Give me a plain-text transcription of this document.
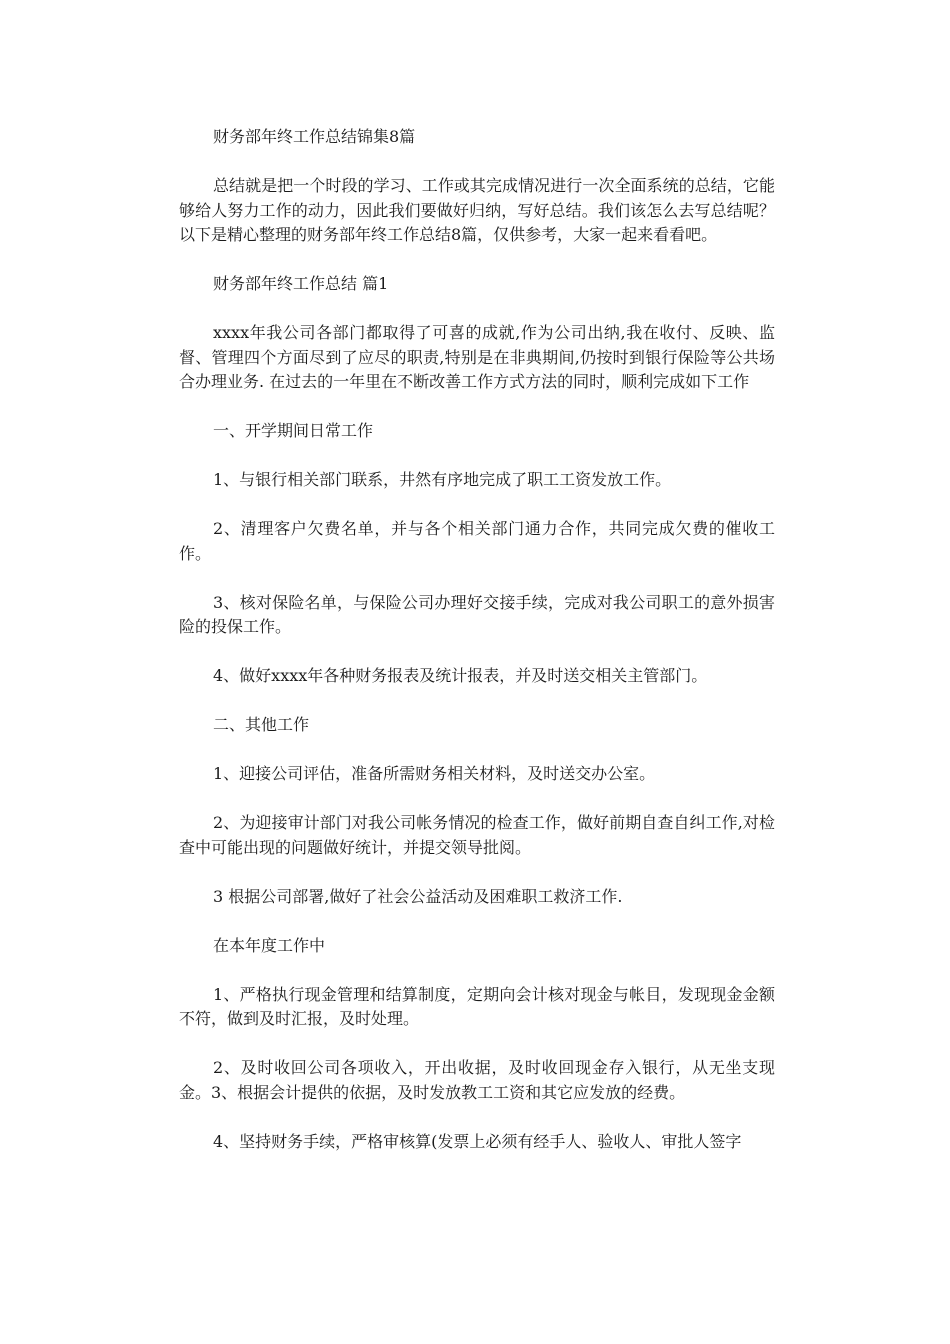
财务部年终工作总结锦集8篇

总结就是把一个时段的学习、工作或其完成情况进行一次全面系统的总结，它能够给人努力工作的动力，因此我们要做好归纳，写好总结。我们该怎么去写总结呢？以下是精心整理的财务部年终工作总结8篇，仅供参考，大家一起来看看吧。

财务部年终工作总结 篇1

xxxx年我公司各部门都取得了可喜的成就,作为公司出纳,我在收付、反映、监督、管理四个方面尽到了应尽的职责,特别是在非典期间,仍按时到银行保险等公共场合办理业务. 在过去的一年里在不断改善工作方式方法的同时，顺利完成如下工作

一、开学期间日常工作

1、与银行相关部门联系，井然有序地完成了职工工资发放工作。

2、清理客户欠费名单，并与各个相关部门通力合作，共同完成欠费的催收工作。

3、核对保险名单，与保险公司办理好交接手续，完成对我公司职工的意外损害险的投保工作。

4、做好xxxx年各种财务报表及统计报表，并及时送交相关主管部门。

二、其他工作

1、迎接公司评估，准备所需财务相关材料，及时送交办公室。

2、为迎接审计部门对我公司帐务情况的检查工作，做好前期自查自纠工作,对检查中可能出现的问题做好统计，并提交领导批阅。

3 根据公司部署,做好了社会公益活动及困难职工救济工作.

在本年度工作中

1、严格执行现金管理和结算制度，定期向会计核对现金与帐目，发现现金金额不符，做到及时汇报，及时处理。

2、及时收回公司各项收入，开出收据，及时收回现金存入银行，从无坐支现金。3、根据会计提供的依据，及时发放教工工资和其它应发放的经费。

4、坚持财务手续，严格审核算(发票上必须有经手人、验收人、审批人签字
